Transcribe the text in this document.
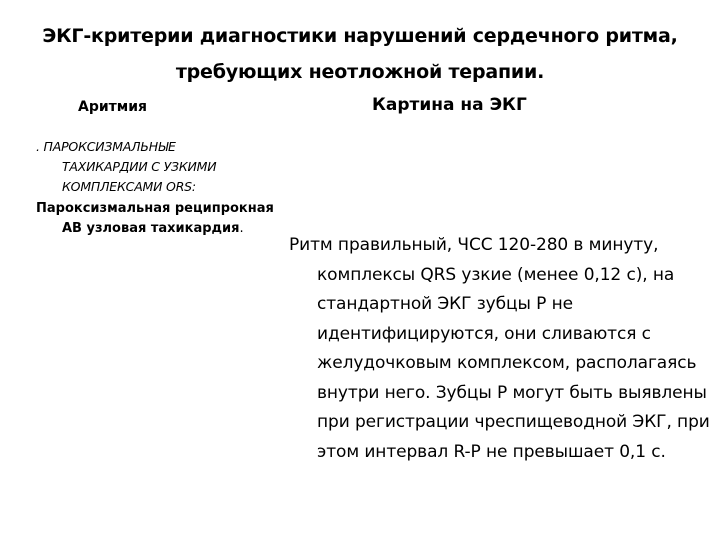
ЭКГ-критерии диагностики нарушений сердечного ритма, требующих неотложной терапии.
Аритмия	Картина на ЭКГ

. ПАРОКСИЗМАЛЬНЫЕ ТАХИКАРДИИ С УЗКИМИ КОМПЛЕКСАМИ ORS:

Пароксизмальная реципрокная АВ узловая тахикардия.

Ритм правильный, ЧСС 120-280 в минуту, комплексы QRS узкие (менее 0,12 с), на стандартной ЭКГ зубцы Р не идентифицируются, они сливаются с желудочковым комплексом, располагаясь внутри него. Зубцы Р могут быть выявлены при регистрации чреспищеводной ЭКГ, при этом интервал R-P не превышает 0,1 с.
